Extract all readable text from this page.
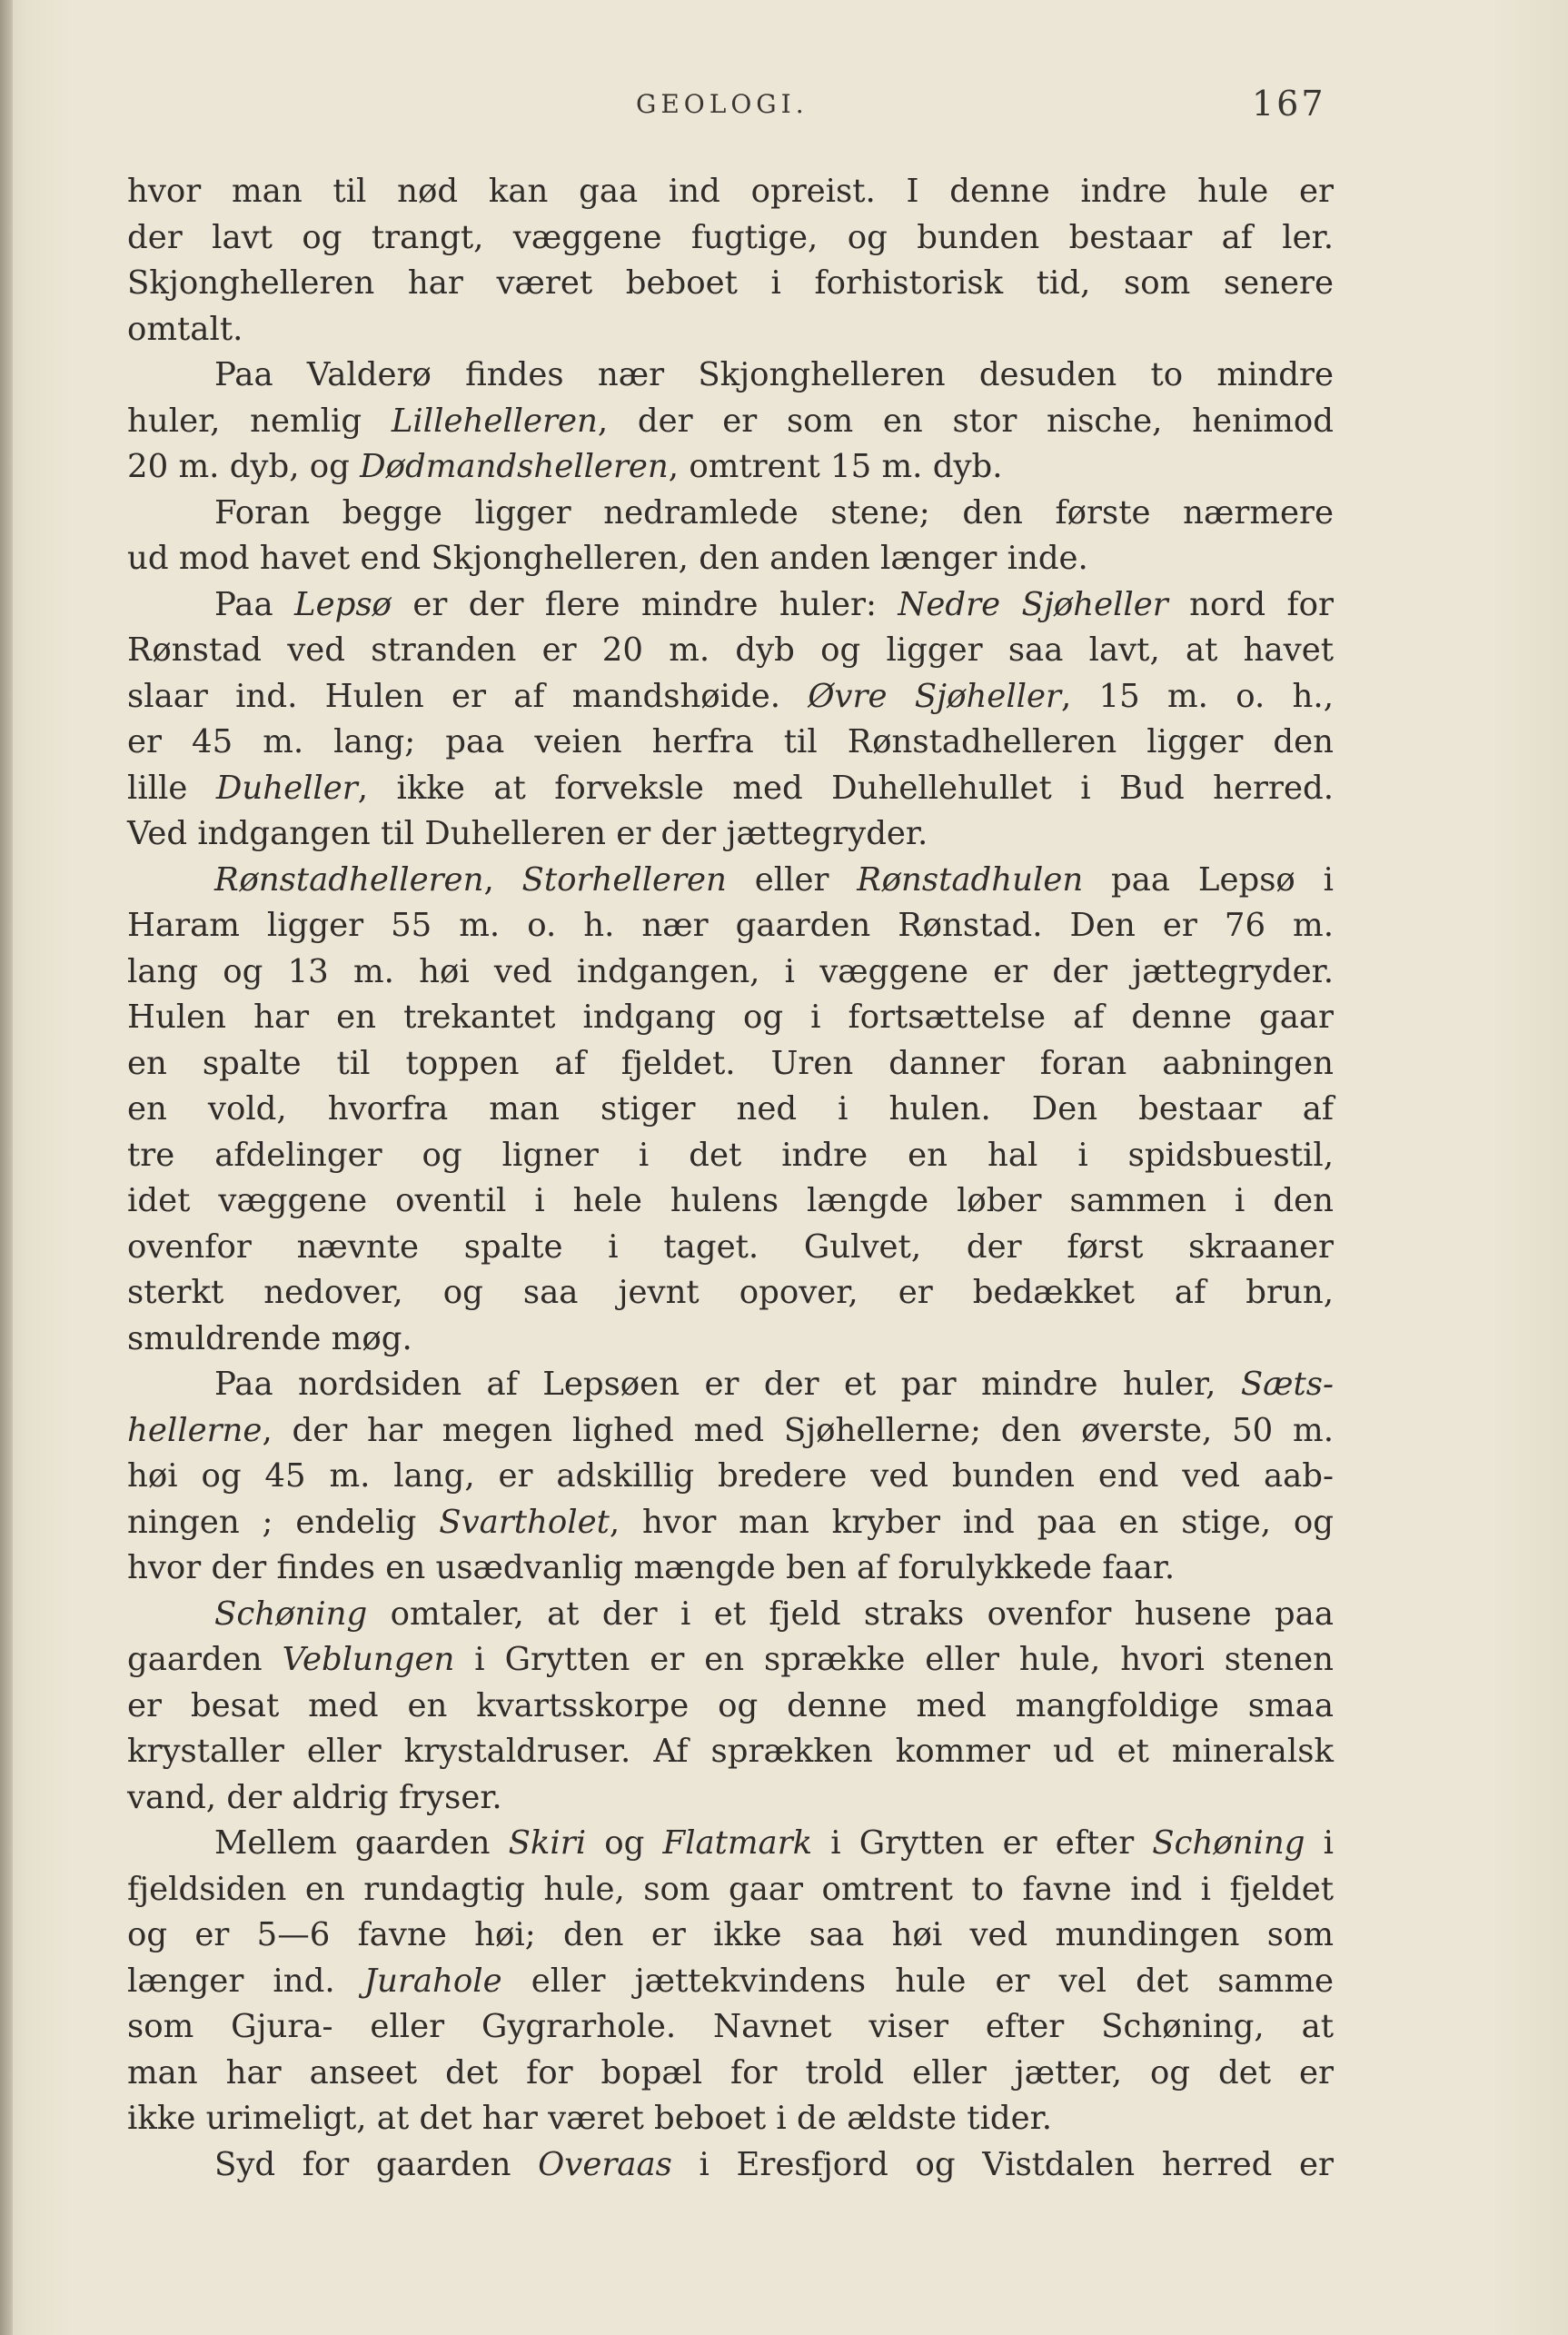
GEOLOGI.	167
hvor man til nød kan gaa ind opreist. I denne indre hule er
der lavt og trangt, væggene fugtige, og bunden bestaar af ler.
Skjonghelleren har været beboet i forhistorisk tid, som senere
omtalt.
Paa Valderø findes nær Skjonghelleren desuden to mindre
huler, nemlig Lillehelleren, der er som en stor nische, henimod
20 m. dyb, og Dødmandshelleren, omtrent 15 m. dyb.
Foran begge ligger nedramlede stene; den første nærmere
ud mod havet end Skjonghelleren, den anden længer inde.
Paa Lepsø er der flere mindre huler: Nedre Sjøheller nord for
Rønstad ved stranden er 20 m. dyb og ligger saa lavt, at havet
slaar ind. Hulen er af mandshøide. Øvre Sjøheller, 15 m. o. h.,
er 45 m. lang; paa veien herfra til Rønstadhelleren ligger den
lille Duheller, ikke at forveksle med Duhellehullet i Bud herred.
Ved indgangen til Duhelleren er der jættegryder.
Rønstadhelleren, Storhelleren eller Rønstadhulen paa Lepsø i
Haram ligger 55 m. o. h. nær gaarden Rønstad. Den er 76 m.
lang og 13 m. høi ved indgangen, i væggene er der jættegryder.
Hulen har en trekantet indgang og i fortsættelse af denne gaar
en spalte til toppen af fjeldet. Uren danner foran aabningen
en vold, hvorfra man stiger ned i hulen. Den bestaar af
tre afdelinger og ligner i det indre en hal i spidsbuestil,
idet væggene oventil i hele hulens længde løber sammen i den
ovenfor nævnte spalte i taget. Gulvet, der først skraaner
sterkt nedover, og saa jevnt opover, er bedækket af brun,
smuldrende møg.
Paa nordsiden af Lepsøen er der et par mindre huler, Sæts-
hellerne, der har megen lighed med Sjøhellerne; den øverste, 50 m.
høi og 45 m. lang, er adskillig bredere ved bunden end ved aab-
ningen ; endelig Svartholet, hvor man kryber ind paa en stige, og
hvor der findes en usædvanlig mængde ben af forulykkede faar.
Schøning omtaler, at der i et fjeld straks ovenfor husene paa
gaarden Veblungen i Grytten er en sprække eller hule, hvori stenen
er besat med en kvartsskorpe og denne med mangfoldige smaa
krystaller eller krystaldruser. Af sprækken kommer ud et mineralsk
vand, der aldrig fryser.
Mellem gaarden Skiri og Flatmark i Grytten er efter Schøning i
fjeldsiden en rundagtig hule, som gaar omtrent to favne ind i fjeldet
og er 5—6 favne høi; den er ikke saa høi ved mundingen som
længer ind. Juraholе eller jættekvindens hule er vel det samme
som Gjura- eller Gygrarhole. Navnet viser efter Schøning, at
man har anseet det for bopæl for trold eller jætter, og det er
ikke urimeligt, at det har været beboet i de ældste tider.
Syd for gaarden Overaas i Eresfjord og Vistdalen herred er
